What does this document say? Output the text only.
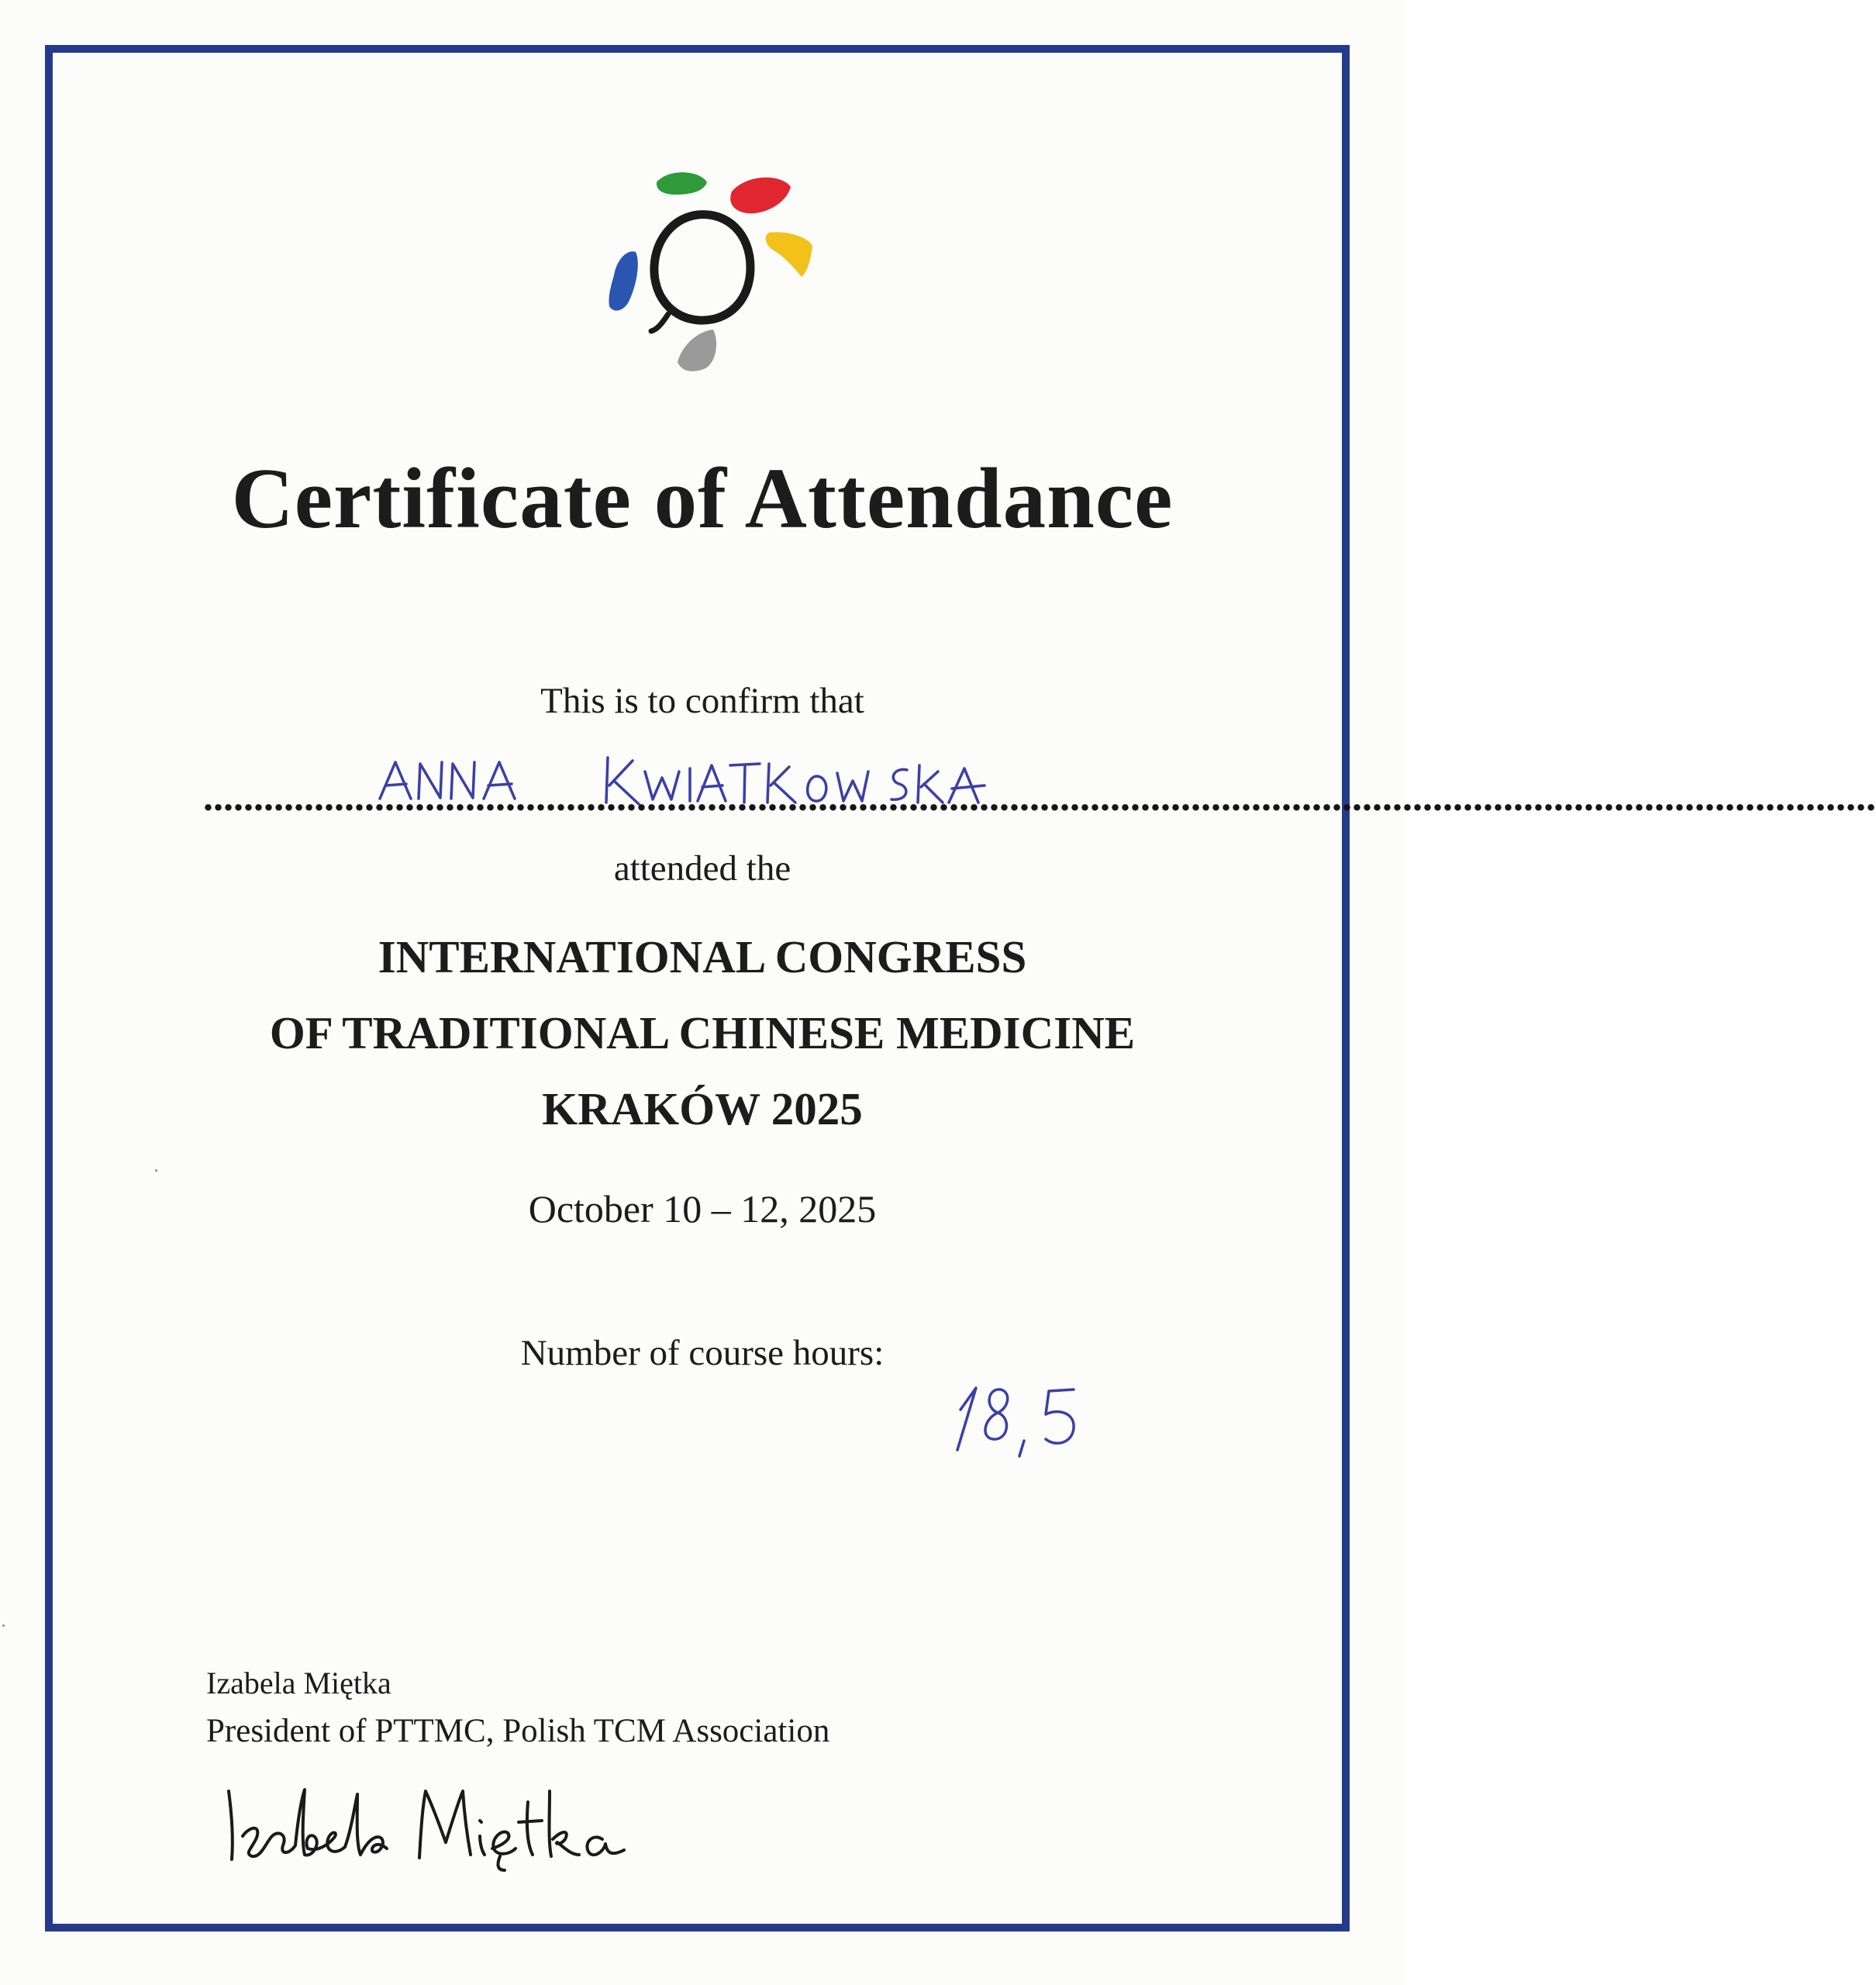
Certificate of Attendance
This is to confirm that
......................................................................................................................................................................
attended the
INTERNATIONAL CONGRESS
OF TRADITIONAL CHINESE MEDICINE
KRAKÓW 2025
October 10 – 12, 2025
Number of course hours:
Izabela Miętka
President of PTTMC, Polish TCM Association
